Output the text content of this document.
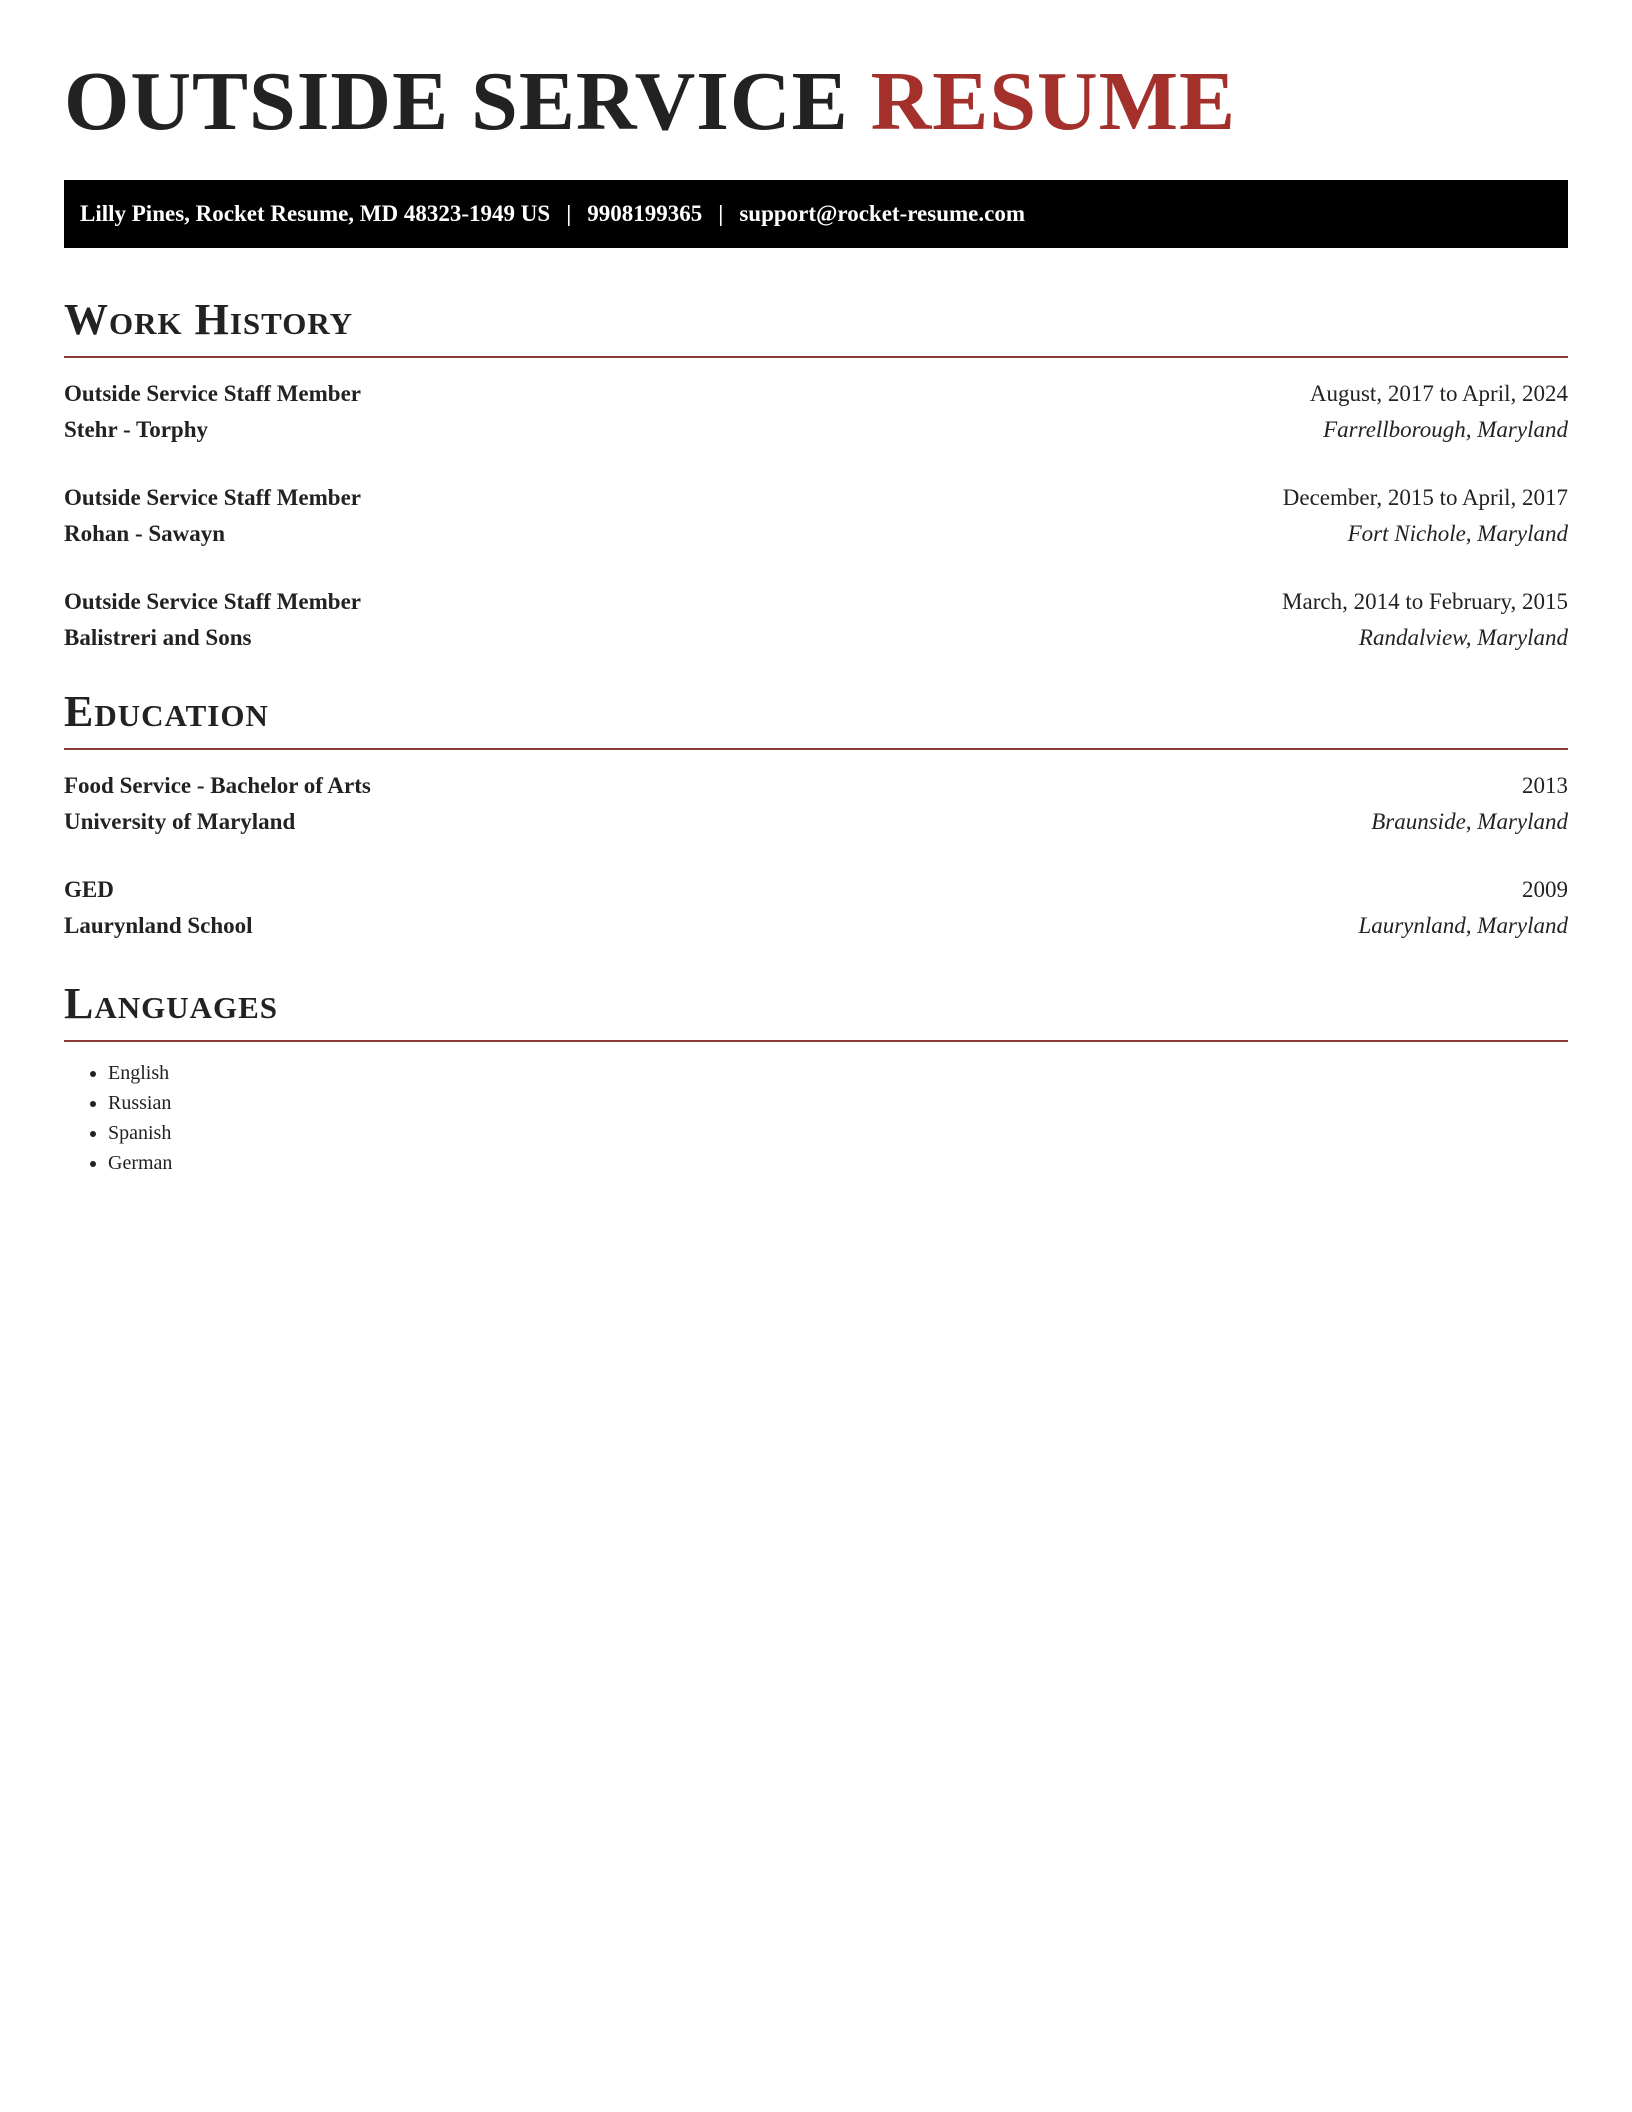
OUTSIDE SERVICE RESUME
Lilly Pines, Rocket Resume, MD 48323-1949 US | 9908199365 | support@rocket-resume.com
Work History
Outside Service Staff Member	August, 2017 to April, 2024
Stehr - Torphy	Farrellborough, Maryland
Outside Service Staff Member	December, 2015 to April, 2017
Rohan - Sawayn	Fort Nichole, Maryland
Outside Service Staff Member	March, 2014 to February, 2015
Balistreri and Sons	Randalview, Maryland
Education
Food Service - Bachelor of Arts	2013
University of Maryland	Braunside, Maryland
GED	2009
Laurynland School	Laurynland, Maryland
Languages
• English
• Russian
• Spanish
• German
